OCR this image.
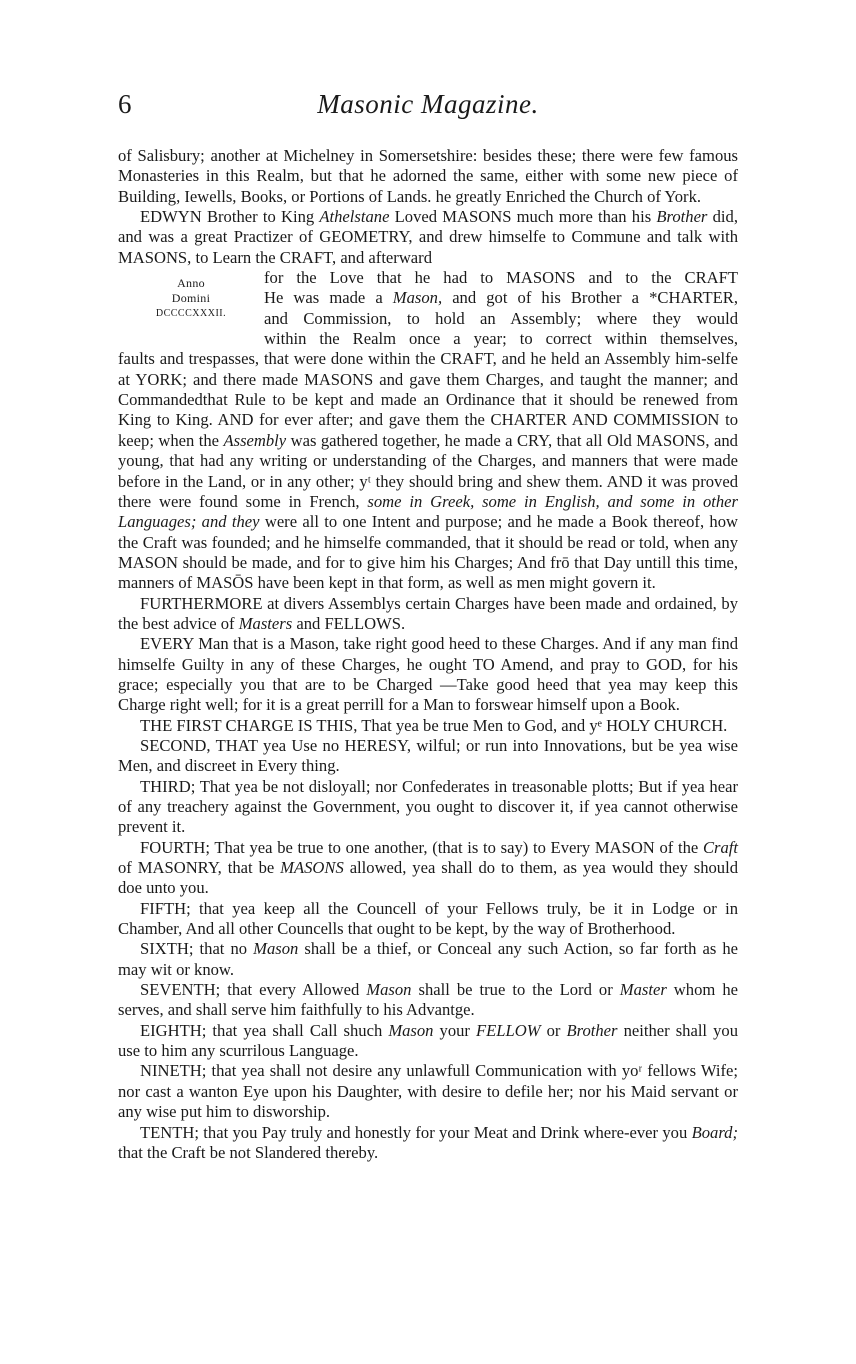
6	Masonic Magazine.

of Salisbury; another at Michelney in Somersetshire: besides these; there were few famous Monasteries in this Realm, but that he adorned the same, either with some new piece of Building, Iewells, Books, or Portions of Lands. he greatly Enriched the Church of York.

EDWYN Brother to King Athelstane Loved MASONS much more than his Brother did, and was a great Practizer of GEOMETRY, and drew himselfe to Commune and talk with MASONS, to Learn the CRAFT, and afterward

Anno
Domini
DCCCCXXXII.
for the Love that he had to MASONS and to the CRAFT
He was made a Mason, and got of his Brother a *CHARTER,
and Commission, to hold an Assembly; where they would
within the Realm once a year; to correct within themselves,

faults and trespasses, that were done within the CRAFT, and he held an Assembly him-selfe at YORK; and there made MASONS and gave them Charges, and taught the manner; and Commandedthat Rule to be kept and made an Ordinance that it should be renewed from King to King. AND for ever after; and gave them the CHARTER AND COMMISSION to keep; when the Assembly was gathered together, he made a CRY, that all Old MASONS, and young, that had any writing or understanding of the Charges, and manners that were made before in the Land, or in any other; yᵗ they should bring and shew them. AND it was proved there were found some in French, some in Greek, some in English, and some in other Languages; and they were all to one Intent and purpose; and he made a Book thereof, how the Craft was founded; and he himselfe commanded, that it should be read or told, when any MASON should be made, and for to give him his Charges; And frō that Day untill this time, manners of MASŌS have been kept in that form, as well as men might govern it.

FURTHERMORE at divers Assemblys certain Charges have been made and ordained, by the best advice of Masters and FELLOWS.

EVERY Man that is a Mason, take right good heed to these Charges. And if any man find himselfe Guilty in any of these Charges, he ought TO Amend, and pray to GOD, for his grace; especially you that are to be Charged —Take good heed that yea may keep this Charge right well; for it is a great perrill for a Man to forswear himself upon a Book.

THE FIRST CHARGE IS THIS, That yea be true Men to God, and yᵉ HOLY CHURCH.

SECOND, THAT yea Use no HERESY, wilful; or run into Innovations, but be yea wise Men, and discreet in Every thing.

THIRD; That yea be not disloyall; nor Confederates in treasonable plotts; But if yea hear of any treachery against the Government, you ought to discover it, if yea cannot otherwise prevent it.

FOURTH; That yea be true to one another, (that is to say) to Every MASON of the Craft of MASONRY, that be MASONS allowed, yea shall do to them, as yea would they should doe unto you.

FIFTH; that yea keep all the Councell of your Fellows truly, be it in Lodge or in Chamber, And all other Councells that ought to be kept, by the way of Brotherhood.

SIXTH; that no Mason shall be a thief, or Conceal any such Action, so far forth as he may wit or know.

SEVENTH; that every Allowed Mason shall be true to the Lord or Master whom he serves, and shall serve him faithfully to his Advantge.

EIGHTH; that yea shall Call shuch Mason your FELLOW or Brother neither shall you use to him any scurrilous Language.

NINETH; that yea shall not desire any unlawfull Communication with yoʳ fellows Wife; nor cast a wanton Eye upon his Daughter, with desire to defile her; nor his Maid servant or any wise put him to disworship.

TENTH; that you Pay truly and honestly for your Meat and Drink where-ever you Board; that the Craft be not Slandered thereby.
